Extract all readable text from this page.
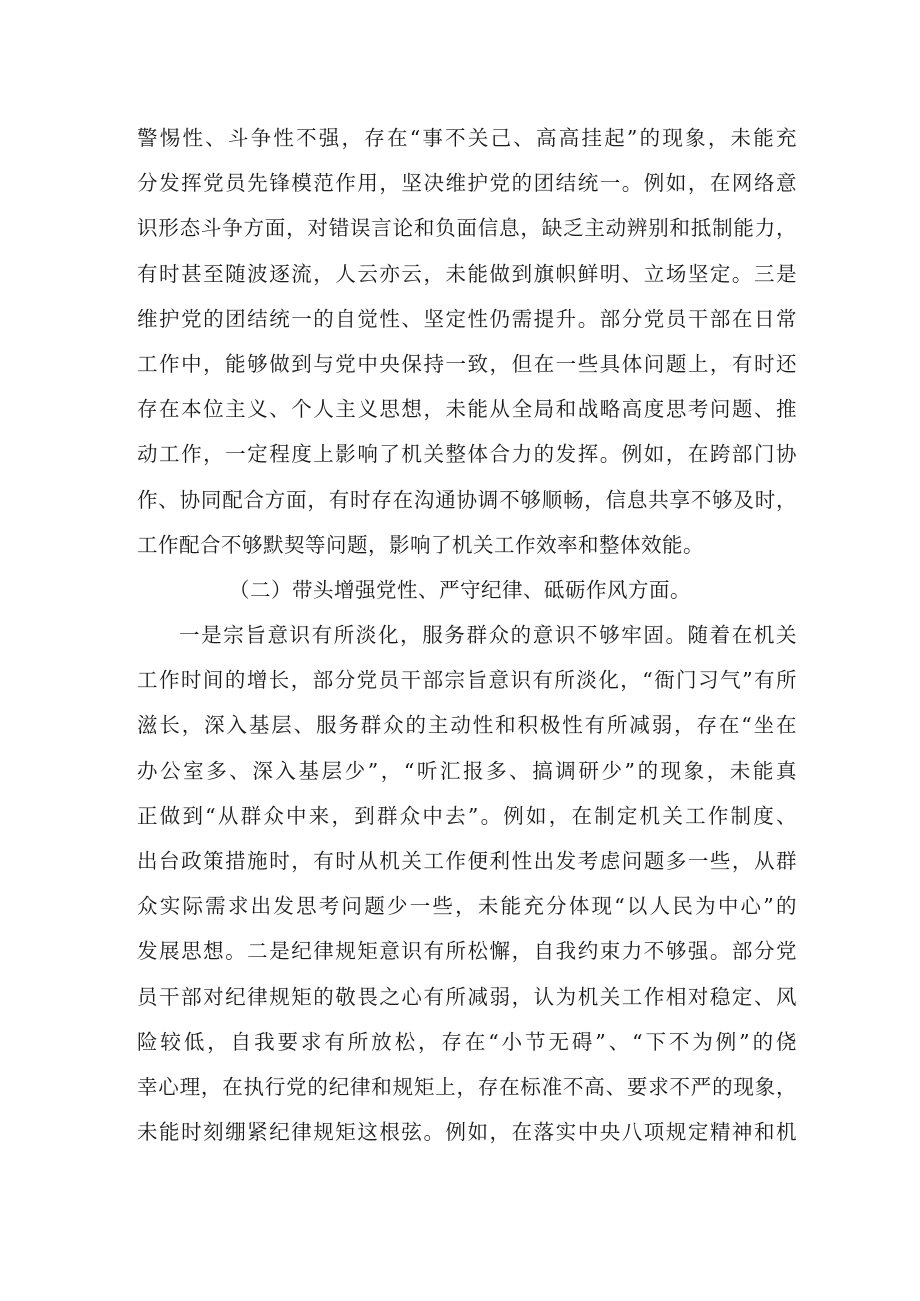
警惕性、斗争性不强，存在“事不关己、高高挂起”的现象，未能充
分发挥党员先锋模范作用，坚决维护党的团结统一。例如，在网络意
识形态斗争方面，对错误言论和负面信息，缺乏主动辨别和抵制能力，
有时甚至随波逐流，人云亦云，未能做到旗帜鲜明、立场坚定。三是
维护党的团结统一的自觉性、坚定性仍需提升。部分党员干部在日常
工作中，能够做到与党中央保持一致，但在一些具体问题上，有时还
存在本位主义、个人主义思想，未能从全局和战略高度思考问题、推
动工作，一定程度上影响了机关整体合力的发挥。例如，在跨部门协
作、协同配合方面，有时存在沟通协调不够顺畅，信息共享不够及时，
工作配合不够默契等问题，影响了机关工作效率和整体效能。
（二）带头增强党性、严守纪律、砥砺作风方面。
一是宗旨意识有所淡化，服务群众的意识不够牢固。随着在机关
工作时间的增长，部分党员干部宗旨意识有所淡化，“衙门习气”有所
滋长，深入基层、服务群众的主动性和积极性有所减弱，存在“坐在
办公室多、深入基层少”，“听汇报多、搞调研少”的现象，未能真
正做到“从群众中来，到群众中去”。例如，在制定机关工作制度、
出台政策措施时，有时从机关工作便利性出发考虑问题多一些，从群
众实际需求出发思考问题少一些，未能充分体现“以人民为中心”的
发展思想。二是纪律规矩意识有所松懈，自我约束力不够强。部分党
员干部对纪律规矩的敬畏之心有所减弱，认为机关工作相对稳定、风
险较低，自我要求有所放松，存在“小节无碍”、“下不为例”的侥
幸心理，在执行党的纪律和规矩上，存在标准不高、要求不严的现象，
未能时刻绷紧纪律规矩这根弦。例如，在落实中央八项规定精神和机
